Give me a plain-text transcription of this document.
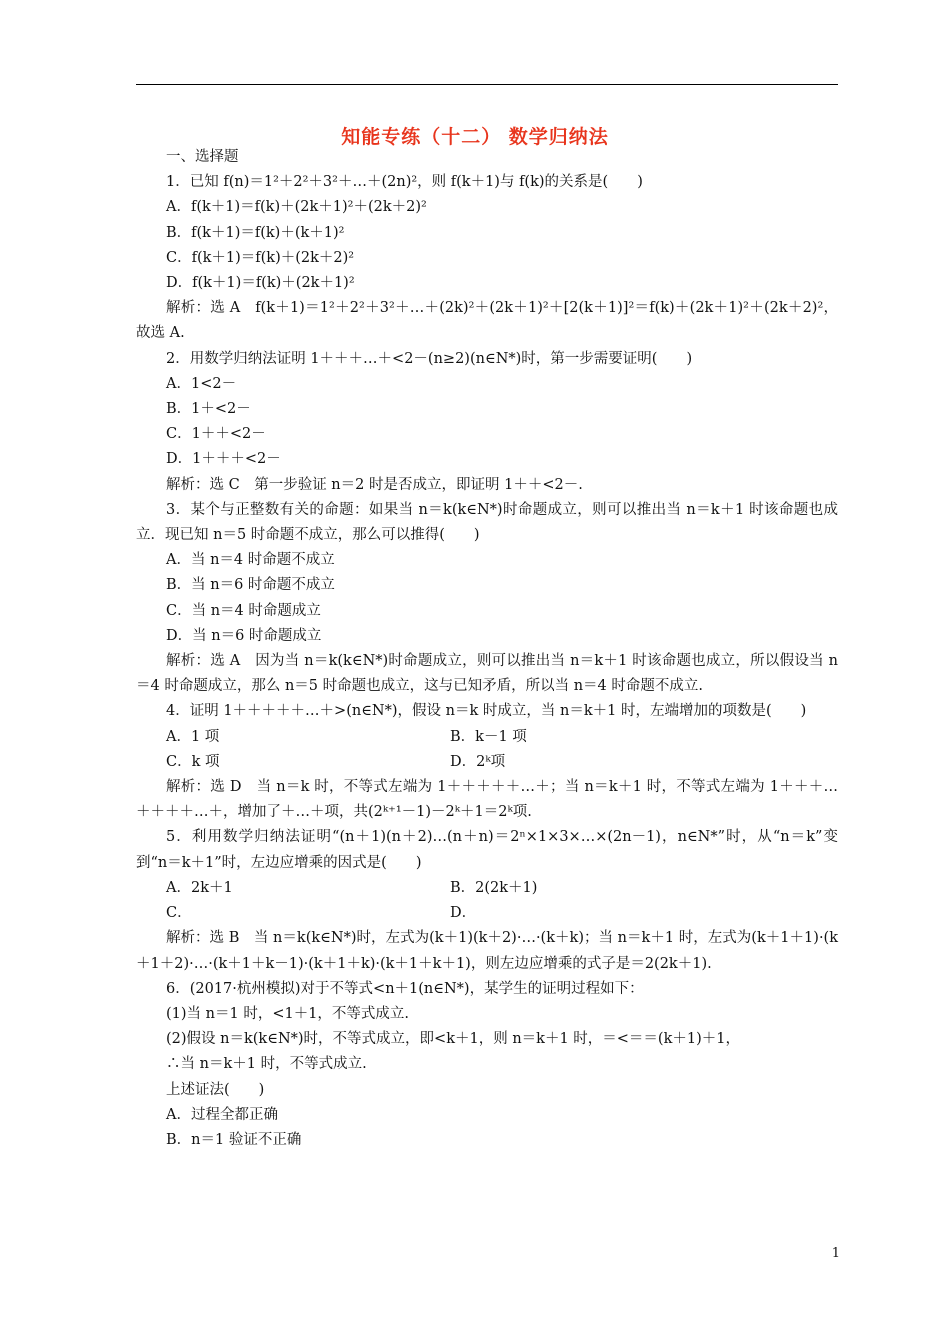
知能专练（十二） 数学归纳法
一、选择题
1．已知 f(n)＝1²＋2²＋3²＋…＋(2n)²，则 f(k＋1)与 f(k)的关系是(　　)
A．f(k＋1)＝f(k)＋(2k＋1)²＋(2k＋2)²
B．f(k＋1)＝f(k)＋(k＋1)²
C．f(k＋1)＝f(k)＋(2k＋2)²
D．f(k＋1)＝f(k)＋(2k＋1)²
解析：选 A　f(k＋1)＝1²＋2²＋3²＋…＋(2k)²＋(2k＋1)²＋[2(k＋1)]²＝f(k)＋(2k＋1)²＋(2k＋2)²，故选 A.
2．用数学归纳法证明 1＋＋＋…＋<2－(n≥2)(n∈N*)时，第一步需要证明(　　)
A．1<2－
B．1＋<2－
C．1＋＋<2－
D．1＋＋＋<2－
解析：选 C　第一步验证 n＝2 时是否成立，即证明 1＋＋<2－.
3．某个与正整数有关的命题：如果当 n＝k(k∈N*)时命题成立，则可以推出当 n＝k＋1 时该命题也成立．现已知 n＝5 时命题不成立，那么可以推得(　　)
A．当 n＝4 时命题不成立
B．当 n＝6 时命题不成立
C．当 n＝4 时命题成立
D．当 n＝6 时命题成立
解析：选 A　因为当 n＝k(k∈N*)时命题成立，则可以推出当 n＝k＋1 时该命题也成立，所以假设当 n＝4 时命题成立，那么 n＝5 时命题也成立，这与已知矛盾，所以当 n＝4 时命题不成立.
4．证明 1＋＋＋＋＋…＋>(n∈N*)，假设 n＝k 时成立，当 n＝k＋1 时，左端增加的项数是(　　)
A．1 项	B．k－1 项
C．k 项	D．2ᵏ项
解析：选 D　当 n＝k 时，不等式左端为 1＋＋＋＋＋…＋；当 n＝k＋1 时，不等式左端为 1＋＋＋…＋＋＋＋…＋，增加了＋…＋项，共(2ᵏ⁺¹－1)－2ᵏ＋1＝2ᵏ项.
5．利用数学归纳法证明“(n＋1)(n＋2)…(n＋n)＝2ⁿ×1×3×…×(2n－1)，n∈N*”时，从“n＝k”变到“n＝k＋1”时，左边应增乘的因式是(　　)
A．2k＋1	B．2(2k＋1)
C．	D．
解析：选 B　当 n＝k(k∈N*)时，左式为(k＋1)(k＋2)·…·(k＋k)；当 n＝k＋1 时，左式为(k＋1＋1)·(k＋1＋2)·…·(k＋1＋k－1)·(k＋1＋k)·(k＋1＋k＋1)，则左边应增乘的式子是＝2(2k＋1).
6．(2017·杭州模拟)对于不等式<n＋1(n∈N*)，某学生的证明过程如下：
(1)当 n＝1 时，<1＋1，不等式成立.
(2)假设 n＝k(k∈N*)时，不等式成立，即<k＋1，则 n＝k＋1 时，＝<＝＝(k＋1)＋1，
∴当 n＝k＋1 时，不等式成立.
上述证法(　　)
A．过程全都正确
B．n＝1 验证不正确
1
